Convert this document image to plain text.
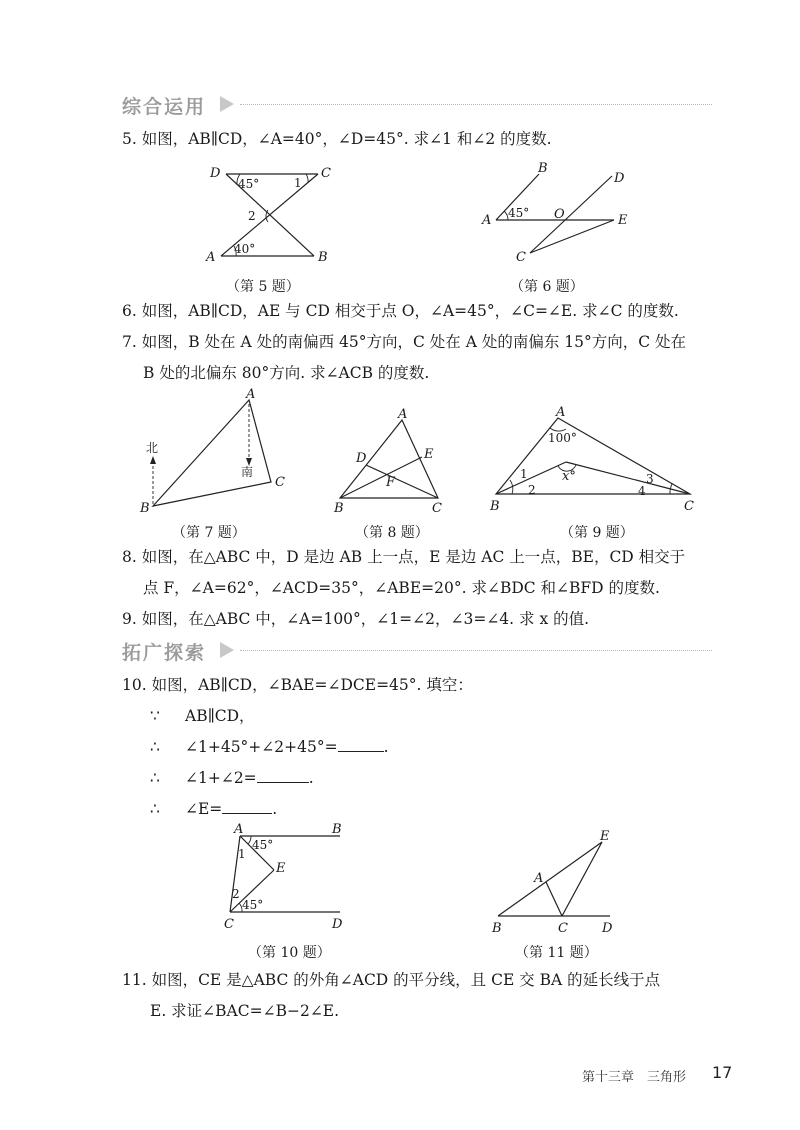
综合运用
5. 如图，AB∥CD，∠A=40°，∠D=45°. 求∠1 和∠2 的度数.
D	C
A	B
45°	1
2
40°
（第 5 题）
B
D
A	O	E
C
45°
（第 6 题）
6. 如图，AB∥CD，AE 与 CD 相交于点 O，∠A=45°，∠C=∠E. 求∠C 的度数.
7. 如图，B 处在 A 处的南偏西 45°方向，C 处在 A 处的南偏东 15°方向，C 处在
B 处的北偏东 80°方向. 求∠ACB 的度数.
A
B
C
北
南
（第 7 题）
A
B	C
D	E
F
（第 8 题）
A
B	C
100°
x°
1
2
3
4
（第 9 题）
8. 如图，在△ABC 中，D 是边 AB 上一点，E 是边 AC 上一点，BE，CD 相交于
点 F，∠A=62°，∠ACD=35°，∠ABE=20°. 求∠BDC 和∠BFD 的度数.
9. 如图，在△ABC 中，∠A=100°，∠1=∠2，∠3=∠4. 求 x 的值.
拓广探索
10. 如图，AB∥CD，∠BAE=∠DCE=45°. 填空：
∵ AB∥CD，
∴ ∠1+45°+∠2+45°=	.
∴ ∠1+∠2=	.
∴ ∠E=	.
A	B
C	D
E
1
2
45°
45°
（第 10 题）
E
A
B	C	D
（第 11 题）
11. 如图，CE 是△ABC 的外角∠ACD 的平分线，且 CE 交 BA 的延长线于点
E. 求证∠BAC=∠B−2∠E.
第十三章　三角形 17
